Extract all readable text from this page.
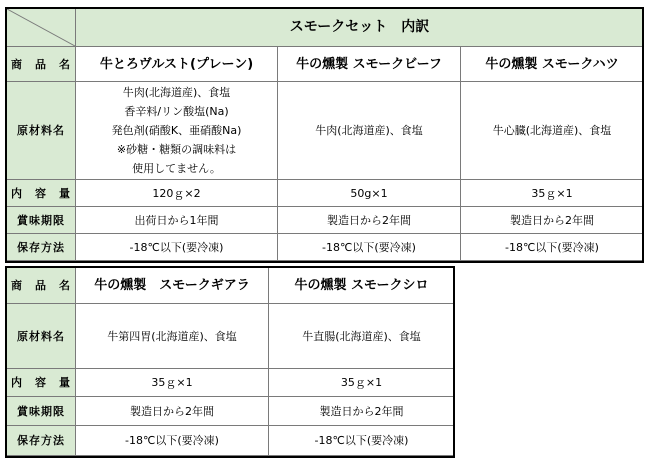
	スモークセット　内訳		
商　品　名	牛とろヴルスト(プレーン)	牛の燻製 スモークビーフ	牛の燻製 スモークハツ
原材料名	牛肉(北海道産)、食塩
香辛料/リン酸塩(Na)
発色剤(硝酸K、亜硝酸Na)
※砂糖・糖類の調味料は
使用してません。	牛肉(北海道産)、食塩	牛心臓(北海道産)、食塩
内　容　量	120ｇ×2	50g×1	35ｇ×1
賞味期限	出荷日から1年間	製造日から2年間	製造日から2年間
保存方法	-18℃以下(要冷凍)	-18℃以下(要冷凍)	-18℃以下(要冷凍)
商　品　名	牛の燻製　スモークギアラ	牛の燻製 スモークシロ
原材料名	牛第四胃(北海道産)、食塩	牛直腸(北海道産)、食塩
内　容　量	35ｇ×1	35ｇ×1
賞味期限	製造日から2年間	製造日から2年間
保存方法	-18℃以下(要冷凍)	-18℃以下(要冷凍)
